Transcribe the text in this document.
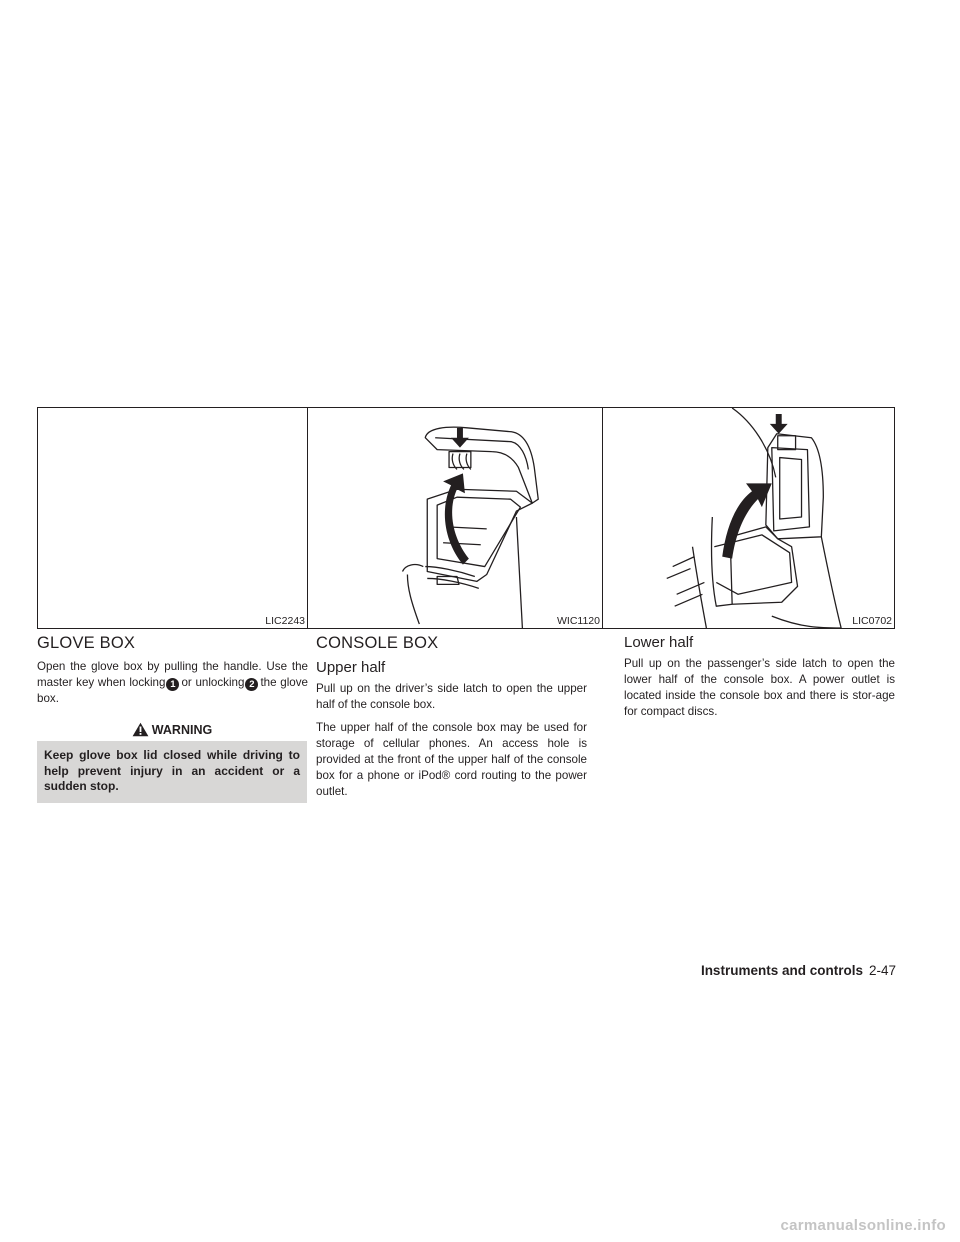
LIC2243	WIC1120	LIC0702
GLOVE BOX

Open the glove box by pulling the handle. Use the master key when locking 1 or unlocking 2 the glove box.

WARNING
Keep glove box lid closed while driving to help prevent injury in an accident or a sudden stop.
CONSOLE BOX
Upper half

Pull up on the driver’s side latch to open the upper half of the console box.

The upper half of the console box may be used for storage of cellular phones. An access hole is provided at the front of the upper half of the console box for a phone or iPod® cord routing to the power outlet.

Lower half

Pull up on the passenger’s side latch to open the lower half of the console box. A power outlet is located inside the console box and there is stor-age for compact discs.

Instruments and controls 2-47
carmanualsonline.info
